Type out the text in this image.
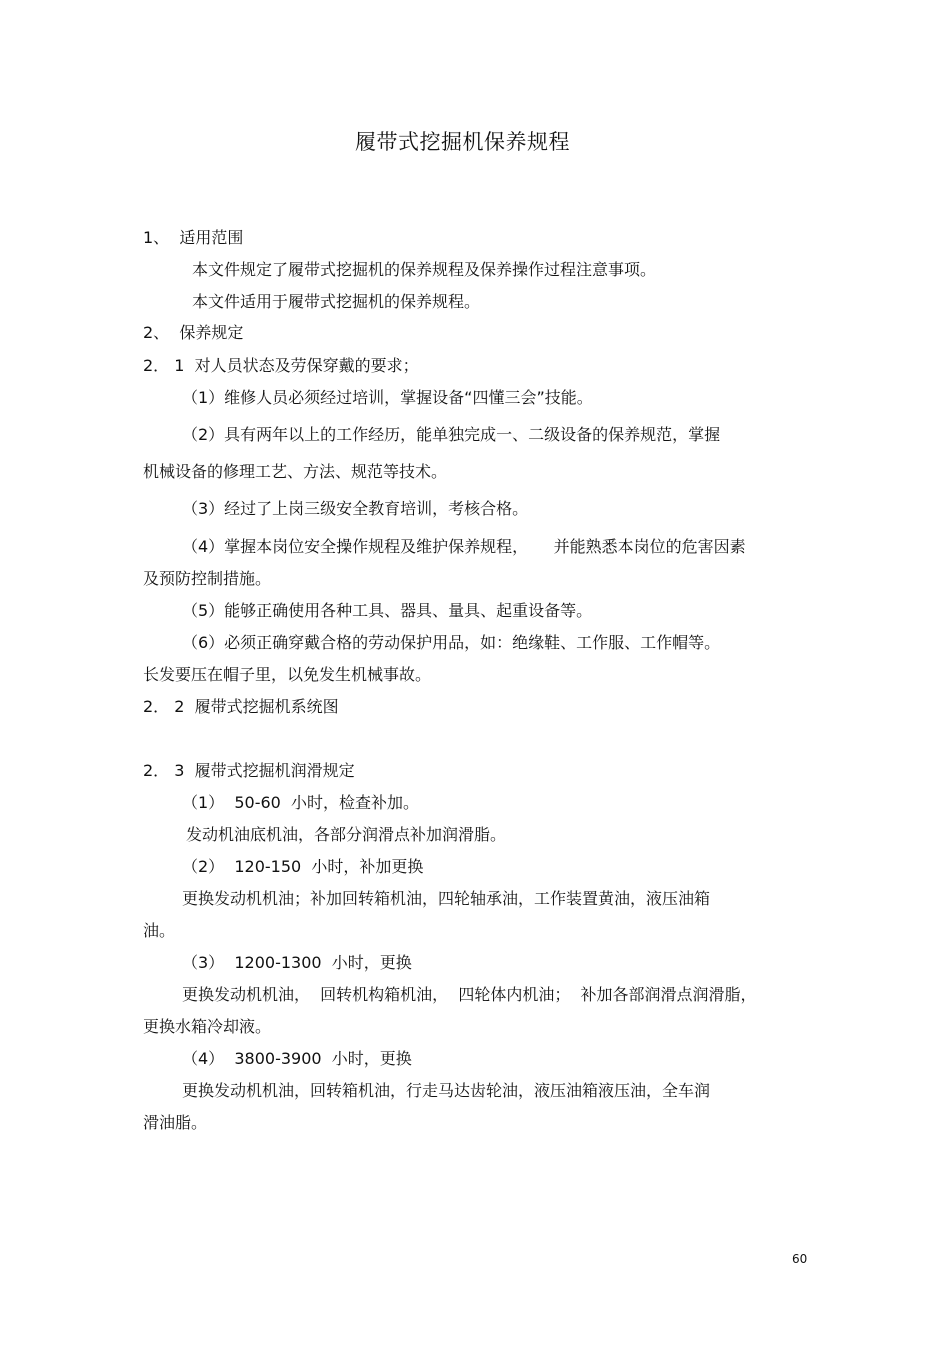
履带式挖掘机保养规程
1、  适用范围
本文件规定了履带式挖掘机的保养规程及保养操作过程注意事项。
本文件适用于履带式挖掘机的保养规程。
2、  保养规定
2． 1  对人员状态及劳保穿戴的要求；
（1）维修人员必须经过培训，掌握设备“四懂三会”技能。
（2）具有两年以上的工作经历，能单独完成一、二级设备的保养规范，掌握
机械设备的修理工艺、方法、规范等技术。
（3）经过了上岗三级安全教育培训，考核合格。
（4）掌握本岗位安全操作规程及维护保养规程，     并能熟悉本岗位的危害因素
及预防控制措施。
（5）能够正确使用各种工具、器具、量具、起重设备等。
（6）必须正确穿戴合格的劳动保护用品，如：绝缘鞋、工作服、工作帽等。
长发要压在帽子里，以免发生机械事故。
2． 2  履带式挖掘机系统图
2． 3  履带式挖掘机润滑规定
（1）  50-60  小时，检查补加。
发动机油底机油，各部分润滑点补加润滑脂。
（2）  120-150  小时，补加更换
更换发动机机油；补加回转箱机油，四轮轴承油，工作装置黄油，液压油箱
油。
（3）  1200-1300  小时，更换
更换发动机机油，  回转机构箱机油，  四轮体内机油；  补加各部润滑点润滑脂，
更换水箱冷却液。
（4）  3800-3900  小时，更换
更换发动机机油，回转箱机油，行走马达齿轮油，液压油箱液压油，全车润
滑油脂。
60
